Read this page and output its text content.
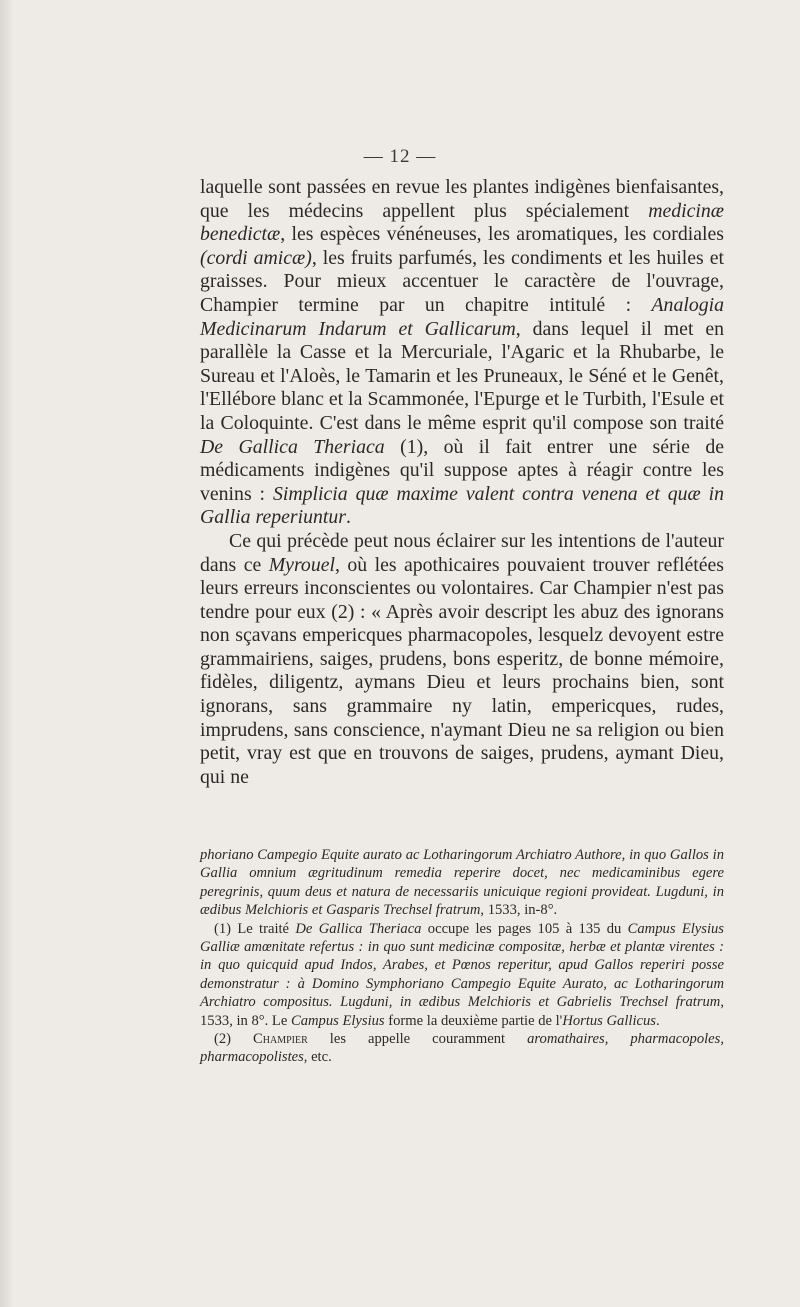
— 12 —

laquelle sont passées en revue les plantes indigènes bienfaisantes, que les médecins appellent plus spécialement medicinæ benedictæ, les espèces vénéneuses, les aromatiques, les cordiales (cordi amicæ), les fruits parfumés, les condiments et les huiles et graisses. Pour mieux accentuer le caractère de l'ouvrage, Champier termine par un chapitre intitulé : Analogia Medicinarum Indarum et Gallicarum, dans lequel il met en parallèle la Casse et la Mercuriale, l'Agaric et la Rhubarbe, le Sureau et l'Aloès, le Tamarin et les Pruneaux, le Séné et le Genêt, l'Ellébore blanc et la Scammonée, l'Epurge et le Turbith, l'Esule et la Coloquinte. C'est dans le même esprit qu'il compose son traité De Gallica Theriaca (1), où il fait entrer une série de médicaments indigènes qu'il suppose aptes à réagir contre les venins : Simplicia quæ maxime valent contra venena et quæ in Gallia reperiuntur.

Ce qui précède peut nous éclairer sur les intentions de l'auteur dans ce Myrouel, où les apothicaires pouvaient trouver reflétées leurs erreurs inconscientes ou volontaires. Car Champier n'est pas tendre pour eux (2) : « Après avoir descript les abuz des ignorans non sçavans empericques pharmacopoles, lesquelz devoyent estre grammairiens, saiges, prudens, bons esperitz, de bonne mémoire, fidèles, diligentz, aymans Dieu et leurs prochains bien, sont ignorans, sans grammaire ny latin, empericques, rudes, imprudens, sans conscience, n'aymant Dieu ne sa religion ou bien petit, vray est que en trouvons de saiges, prudens, aymant Dieu, qui ne

phoriano Campegio Equite aurato ac Lotharingorum Archiatro Authore, in quo Gallos in Gallia omnium ægritudinum remedia reperire docet, nec medicaminibus egere peregrinis, quum deus et natura de necessariis unicuique regioni provideat. Lugduni, in ædibus Melchioris et Gasparis Trechsel fratrum, 1533, in-8°.

(1) Le traité De Gallica Theriaca occupe les pages 105 à 135 du Campus Elysius Galliæ amœnitate refertus : in quo sunt medicinæ compositæ, herbæ et plantæ virentes : in quo quicquid apud Indos, Arabes, et Pœnos reperitur, apud Gallos reperiri posse demonstratur : à Domino Symphoriano Campegio Equite Aurato, ac Lotharingorum Archiatro compositus. Lugduni, in ædibus Melchioris et Gabrielis Trechsel fratrum, 1533, in 8°. Le Campus Elysius forme la deuxième partie de l'Hortus Gallicus.

(2) Champier les appelle couramment aromathaires, pharmacopoles, pharmacopolistes, etc.
